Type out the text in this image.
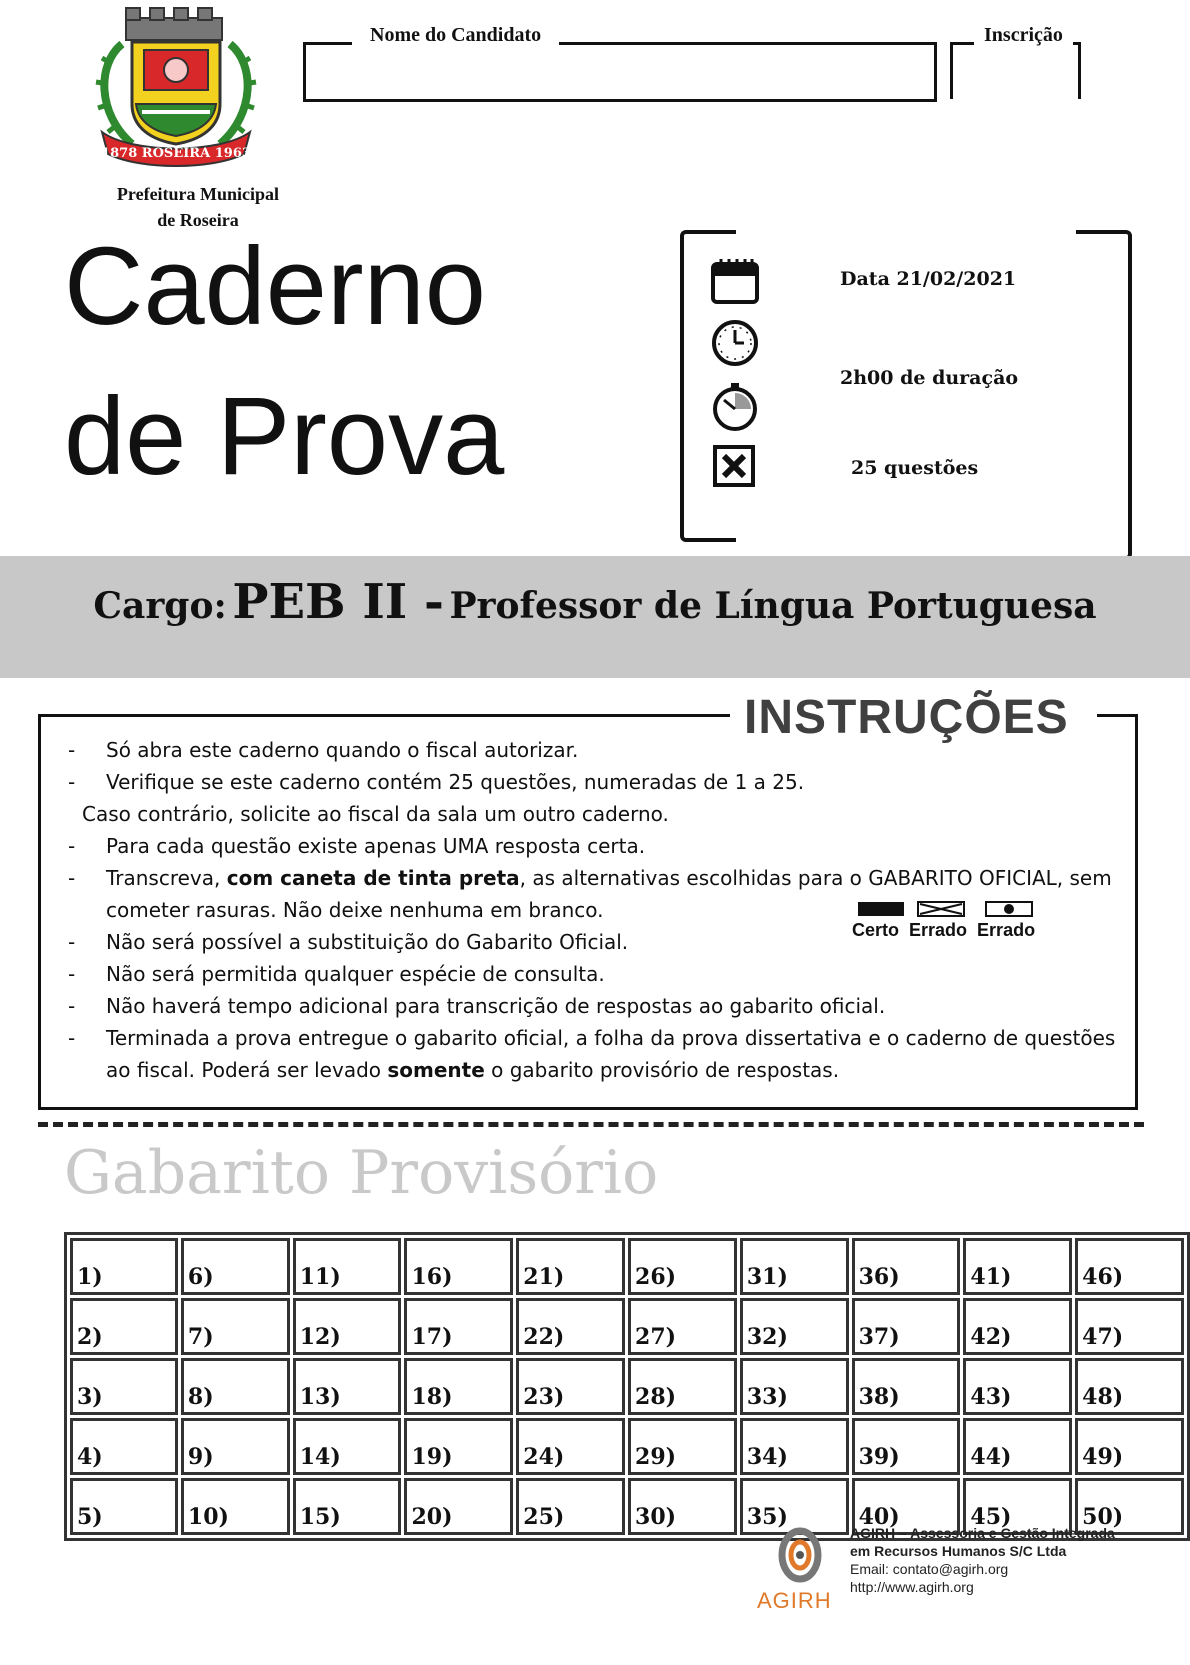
1878 ROSEIRA 1963
Prefeitura Municipal
de Roseira
Nome do Candidato	Inscrição
Caderno
de Prova
Data 21/02/2021
2h00 de duração
25 questões
Cargo: PEB II - Professor de Língua Portuguesa
INSTRUÇÕES
- Só abra este caderno quando o fiscal autorizar.
- Verifique se este caderno contém 25 questões, numeradas de 1 a 25.
Caso contrário, solicite ao fiscal da sala um outro caderno.
- Para cada questão existe apenas UMA resposta certa.
- Transcreva, com caneta de tinta preta, as alternativas escolhidas para o GABARITO OFICIAL, sem
cometer rasuras. Não deixe nenhuma em branco.
- Não será possível a substituição do Gabarito Oficial.
- Não será permitida qualquer espécie de consulta.
- Não haverá tempo adicional para transcrição de respostas ao gabarito oficial.
- Terminada a prova entregue o gabarito oficial, a folha da prova dissertativa e o caderno de questões
ao fiscal. Poderá ser levado somente o gabarito provisório de respostas.
Certo Errado Errado
Gabarito Provisório
1)	6)	11)	16)	21)	26)	31)	36)	41)	46)
2)	7)	12)	17)	22)	27)	32)	37)	42)	47)
3)	8)	13)	18)	23)	28)	33)	38)	43)	48)
4)	9)	14)	19)	24)	29)	34)	39)	44)	49)
5)	10)	15)	20)	25)	30)	35)	40)	45)	50)
AGIRH
AGIRH – Assessoria e Gestão Integrada
em Recursos Humanos S/C Ltda
Email: contato@agirh.org
http://www.agirh.org
